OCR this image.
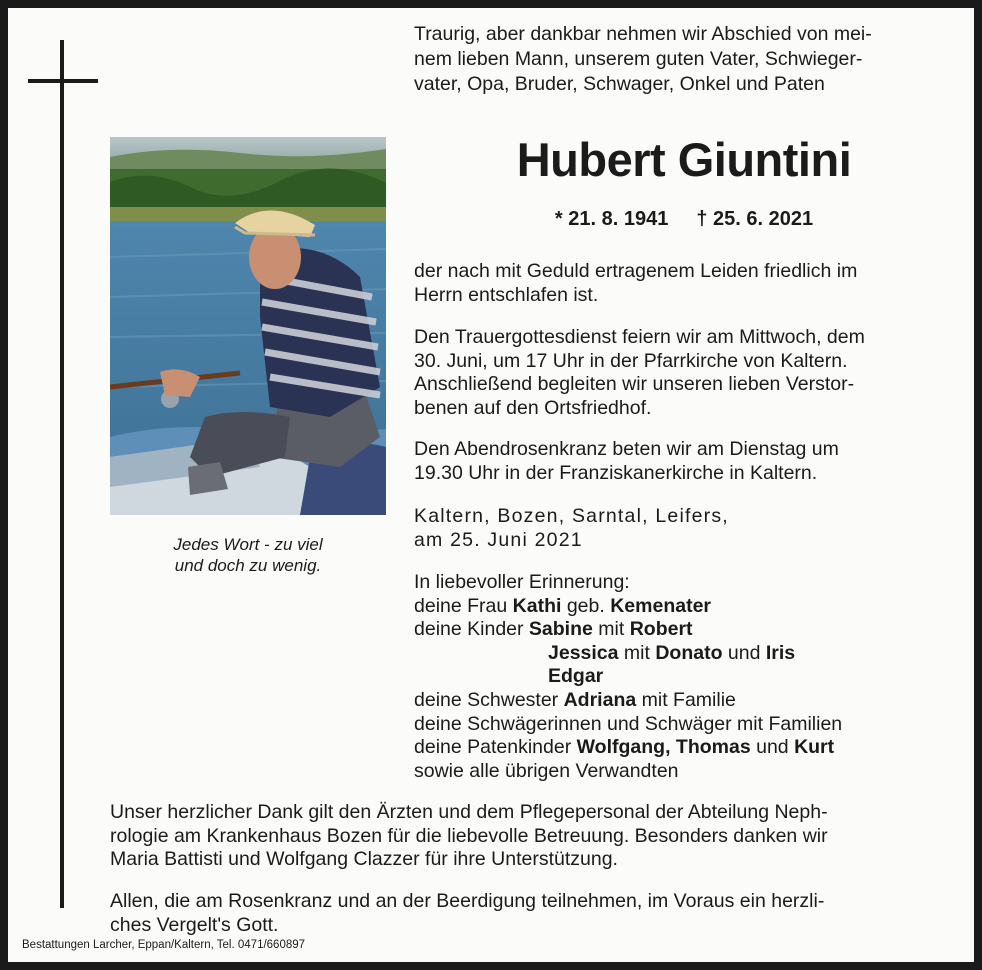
Traurig, aber dankbar nehmen wir Abschied von mei-
nem lieben Mann, unserem guten Vater, Schwieger-
vater, Opa, Bruder, Schwager, Onkel und Paten
Hubert Giuntini
* 21. 8. 1941 † 25. 6. 2021
Jedes Wort - zu viel
und doch zu wenig.
der nach mit Geduld ertragenem Leiden friedlich im
Herrn entschlafen ist.
Den Trauergottesdienst feiern wir am Mittwoch, dem
30. Juni, um 17 Uhr in der Pfarrkirche von Kaltern.
Anschließend begleiten wir unseren lieben Verstor-
benen auf den Ortsfriedhof.
Den Abendrosenkranz beten wir am Dienstag um
19.30 Uhr in der Franziskanerkirche in Kaltern.
Kaltern, Bozen, Sarntal, Leifers,
am 25. Juni 2021
In liebevoller Erinnerung:
deine Frau Kathi geb. Kemenater
deine Kinder Sabine mit Robert
Jessica mit Donato und Iris
Edgar
deine Schwester Adriana mit Familie
deine Schwägerinnen und Schwäger mit Familien
deine Patenkinder Wolfgang, Thomas und Kurt
sowie alle übrigen Verwandten
Unser herzlicher Dank gilt den Ärzten und dem Pflegepersonal der Abteilung Neph-
rologie am Krankenhaus Bozen für die liebevolle Betreuung. Besonders danken wir
Maria Battisti und Wolfgang Clazzer für ihre Unterstützung.
Allen, die am Rosenkranz und an der Beerdigung teilnehmen, im Voraus ein herzli-
ches Vergelt's Gott.
Bestattungen Larcher, Eppan/Kaltern, Tel. 0471/660897
